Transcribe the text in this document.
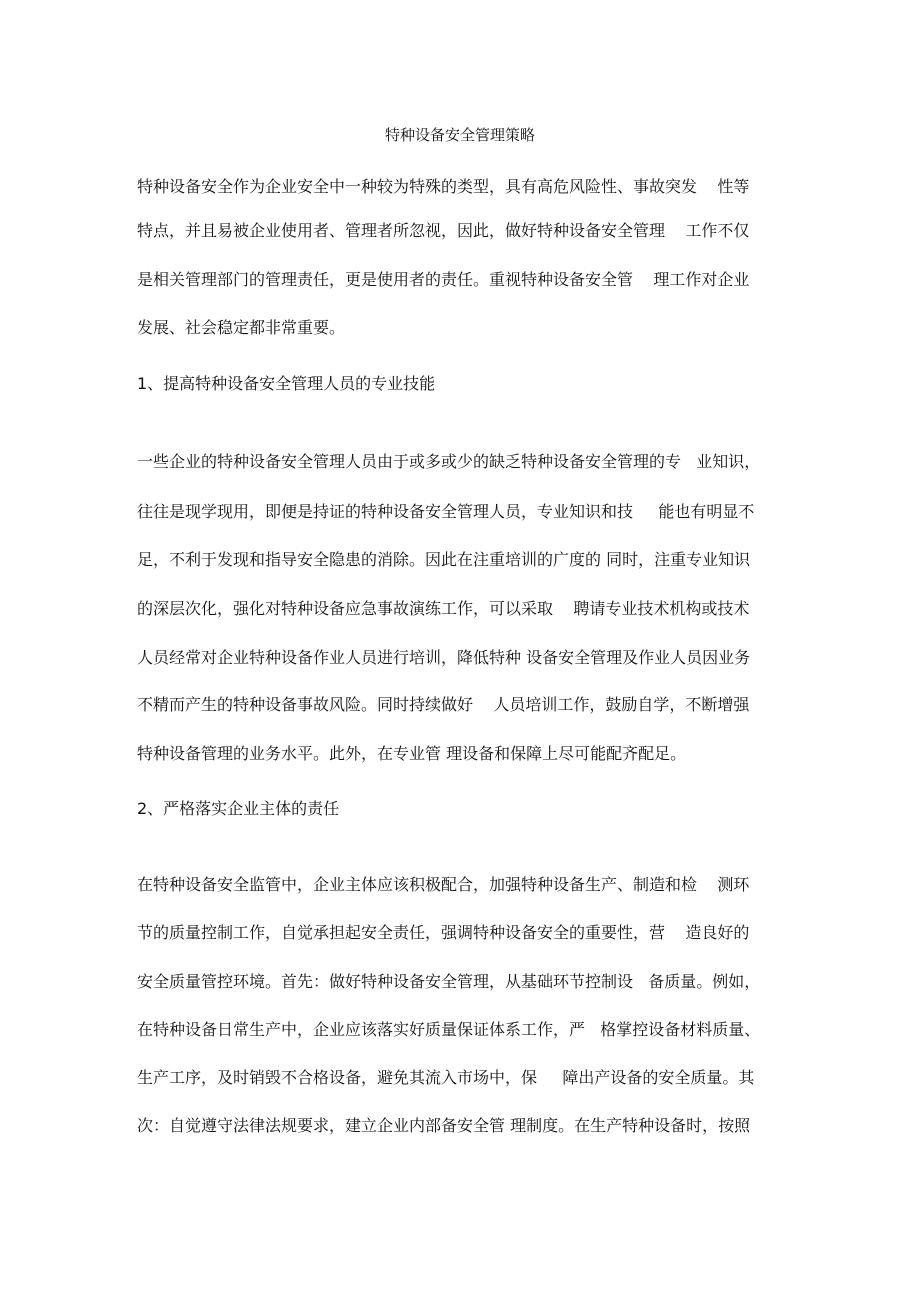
特种设备安全管理策略
特种设备安全作为企业安全中一种较为特殊的类型，具有高危风险性、事故突发    性等
特点，并且易被企业使用者、管理者所忽视，因此，做好特种设备安全管理    工作不仅
是相关管理部门的管理责任，更是使用者的责任。重视特种设备安全管    理工作对企业
发展、社会稳定都非常重要。
1、提高特种设备安全管理人员的专业技能
一些企业的特种设备安全管理人员由于或多或少的缺乏特种设备安全管理的专   业知识，
往往是现学现用，即便是持证的特种设备安全管理人员，专业知识和技     能也有明显不
足，不利于发现和指导安全隐患的消除。因此在注重培训的广度的 同时，注重专业知识
的深层次化，强化对特种设备应急事故演练工作，可以采取    聘请专业技术机构或技术
人员经常对企业特种设备作业人员进行培训，降低特种 设备安全管理及作业人员因业务
不精而产生的特种设备事故风险。同时持续做好    人员培训工作，鼓励自学，不断增强
特种设备管理的业务水平。此外，在专业管 理设备和保障上尽可能配齐配足。
2、严格落实企业主体的责任
在特种设备安全监管中，企业主体应该积极配合，加强特种设备生产、制造和检    测环
节的质量控制工作，自觉承担起安全责任，强调特种设备安全的重要性，营    造良好的
安全质量管控环境。首先：做好特种设备安全管理，从基础环节控制设   备质量。例如，
在特种设备日常生产中，企业应该落实好质量保证体系工作，严   格掌控设备材料质量、
生产工序，及时销毁不合格设备，避免其流入市场中，保     障出产设备的安全质量。其
次：自觉遵守法律法规要求，建立企业内部备安全管 理制度。在生产特种设备时，按照
